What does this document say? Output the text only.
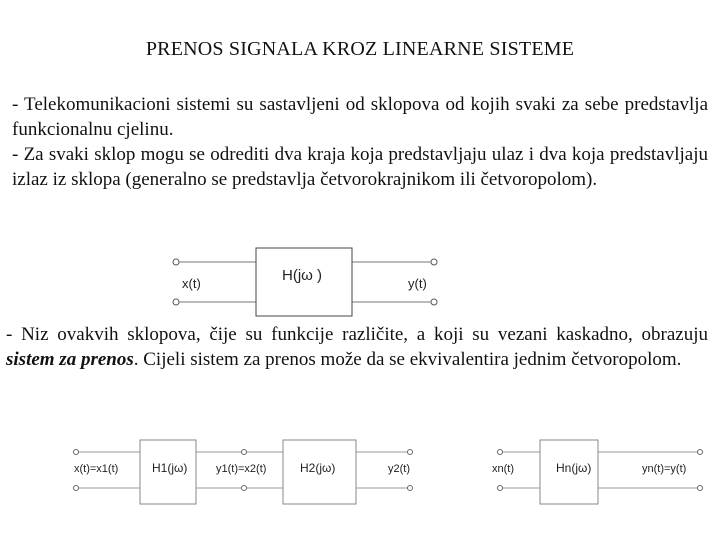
PRENOS SIGNALA KROZ LINEARNE SISTEME
- Telekomunikacioni sistemi su sastavljeni od sklopova od kojih svaki za sebe predstavlja funkcionalnu cjelinu.
- Za svaki sklop mogu se odrediti dva kraja koja predstavljaju ulaz i dva koja predstavljaju izlaz iz sklopa (generalno se predstavlja četvorokrajnikom ili četvoropolom).
x(t)	H(jω )	y(t)
- Niz ovakvih sklopova, čije su funkcije različite, a koji su vezani kaskadno, obrazuju sistem za prenos. Cijeli sistem za prenos može da se ekvivalentira jednim četvoropolom.
x(t)=x1(t)	H1(jω)	y1(t)=x2(t)	H2(jω)	y2(t)	xn(t)	Hn(jω)	yn(t)=y(t)
